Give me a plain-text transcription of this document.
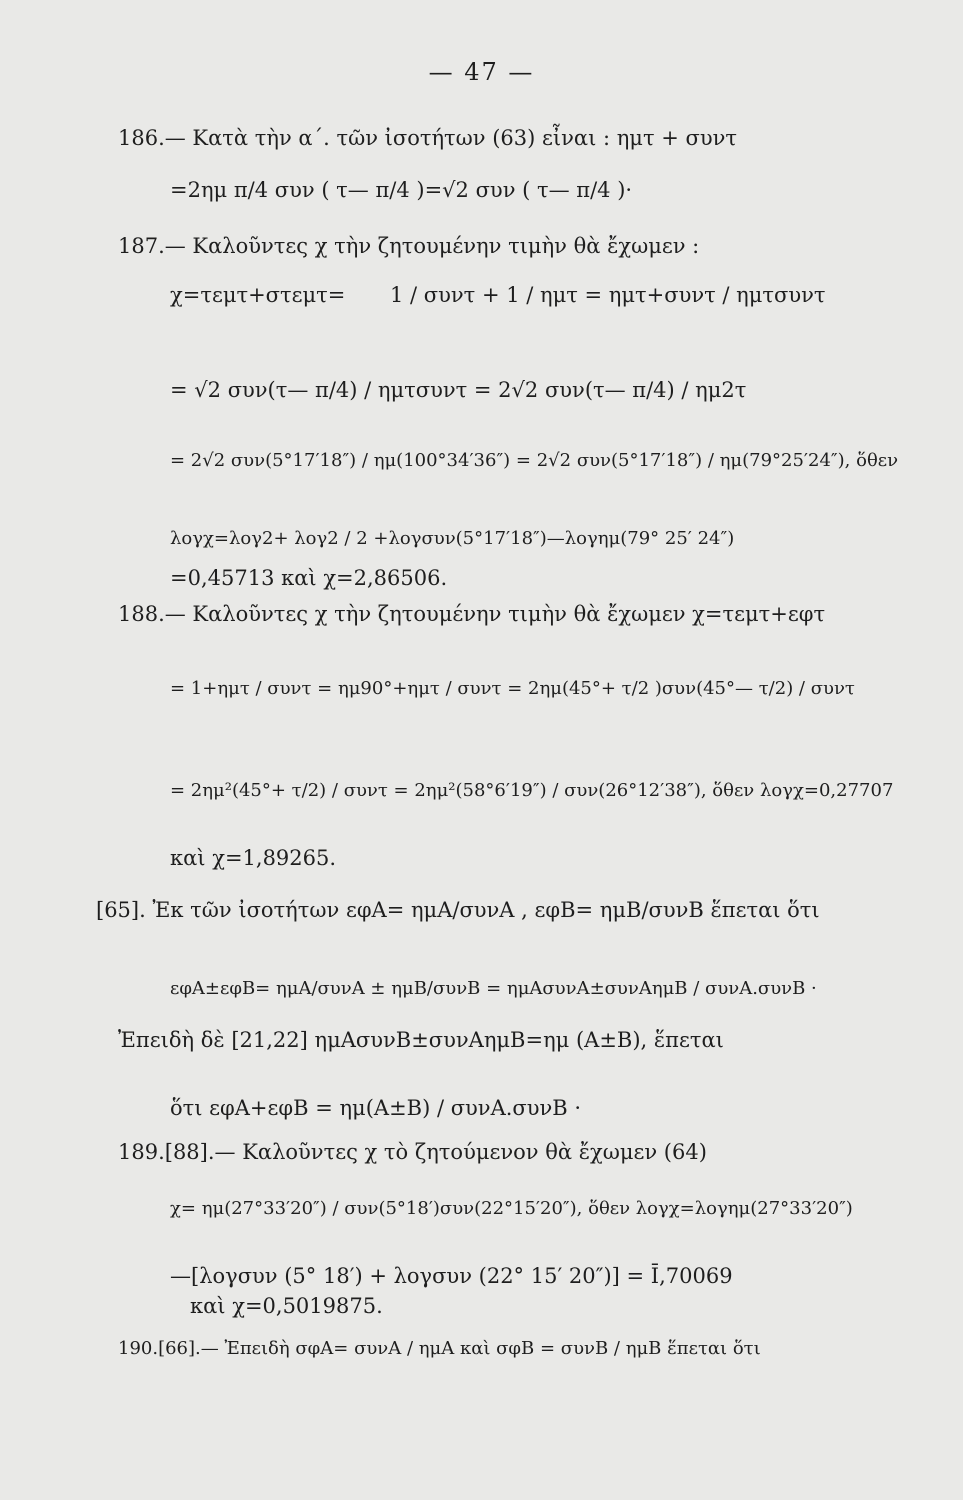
— 47 —
186.— Κατὰ τὴν α΄. τῶν ἰσοτήτων (63) εἶναι : ημτ + συντ
=2ημ π/4 συν ( τ— π/4 )=√2 συν ( τ— π/4 )·
187.— Καλοῦντες χ τὴν ζητουμένην τιμὴν θὰ ἔχωμεν :
χ=τεμτ+στεμτ= 1 / συντ + 1 / ημτ = ημτ+συντ / ημτσυντ
= √2 συν(τ— π/4) / ημτσυντ = 2√2 συν(τ— π/4) / ημ2τ
= 2√2 συν(5°17′18″) / ημ(100°34′36″) = 2√2 συν(5°17′18″) / ημ(79°25′24″), ὅθεν
λογχ=λογ2+ λογ2 / 2 +λογσυν(5°17′18″)—λογημ(79° 25′ 24″)
=0,45713 καὶ χ=2,86506.
188.— Καλοῦντες χ τὴν ζητουμένην τιμὴν θὰ ἔχωμεν χ=τεμτ+εφτ
= 1+ημτ / συντ = ημ90°+ημτ / συντ = 2ημ(45°+ τ/2 )συν(45°— τ/2) / συντ
= 2ημ²(45°+ τ/2) / συντ = 2ημ²(58°6′19″) / συν(26°12′38″), ὅθεν λογχ=0,27707
καὶ χ=1,89265.
[65]. Ἐκ τῶν ἰσοτήτων εφΑ= ημΑ/συνΑ , εφΒ= ημΒ/συνΒ ἕπεται ὅτι
εφΑ±εφΒ= ημΑ/συνΑ ± ημΒ/συνΒ = ημΑσυνΑ±συνΑημΒ / συνΑ.συνΒ ·
Ἐπειδὴ δὲ [21,22] ημΑσυνΒ±συνΑημΒ=ημ (Α±Β), ἕπεται
ὅτι εφΑ+εφΒ = ημ(Α±Β) / συνΑ.συνΒ ·
189.[88].— Καλοῦντες χ τὸ ζητούμενον θὰ ἔχωμεν (64)
χ= ημ(27°33′20″) / συν(5°18′)συν(22°15′20″), ὅθεν λογχ=λογημ(27°33′20″)
—[λογσυν (5° 18′) + λογσυν (22° 15′ 20″)] = Ī,70069
καὶ χ=0,5019875.
190.[66].— Ἐπειδὴ σφΑ= συνΑ / ημΑ καὶ σφΒ = συνΒ / ημΒ ἕπεται ὅτι
